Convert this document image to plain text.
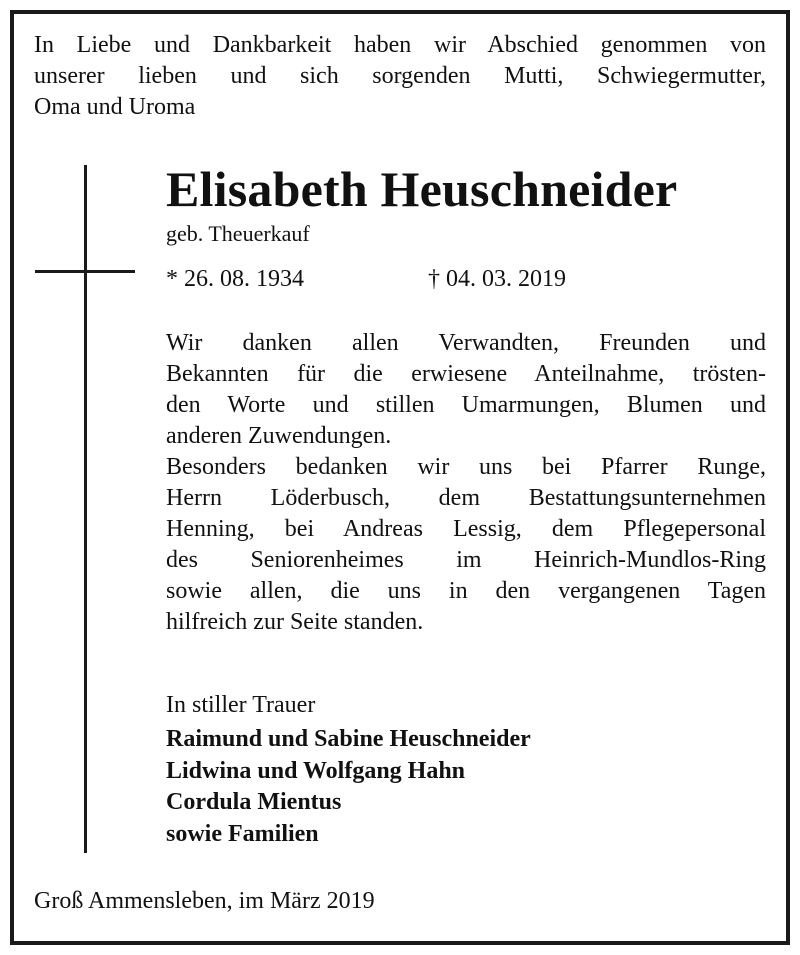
In Liebe und Dankbarkeit haben wir Abschied genommen von
unserer lieben und sich sorgenden Mutti, Schwiegermutter,
Oma und Uroma
Elisabeth Heuschneider
geb. Theuerkauf
* 26. 08. 1934	† 04. 03. 2019
Wir danken allen Verwandten, Freunden und
Bekannten für die erwiesene Anteilnahme, trösten-
den Worte und stillen Umarmungen, Blumen und
anderen Zuwendungen.
Besonders bedanken wir uns bei Pfarrer Runge,
Herrn Löderbusch, dem Bestattungsunternehmen
Henning, bei Andreas Lessig, dem Pflegepersonal
des Seniorenheimes im Heinrich-Mundlos-Ring
sowie allen, die uns in den vergangenen Tagen
hilfreich zur Seite standen.
In stiller Trauer
Raimund und Sabine Heuschneider
Lidwina und Wolfgang Hahn
Cordula Mientus
sowie Familien
Groß Ammensleben, im März 2019
